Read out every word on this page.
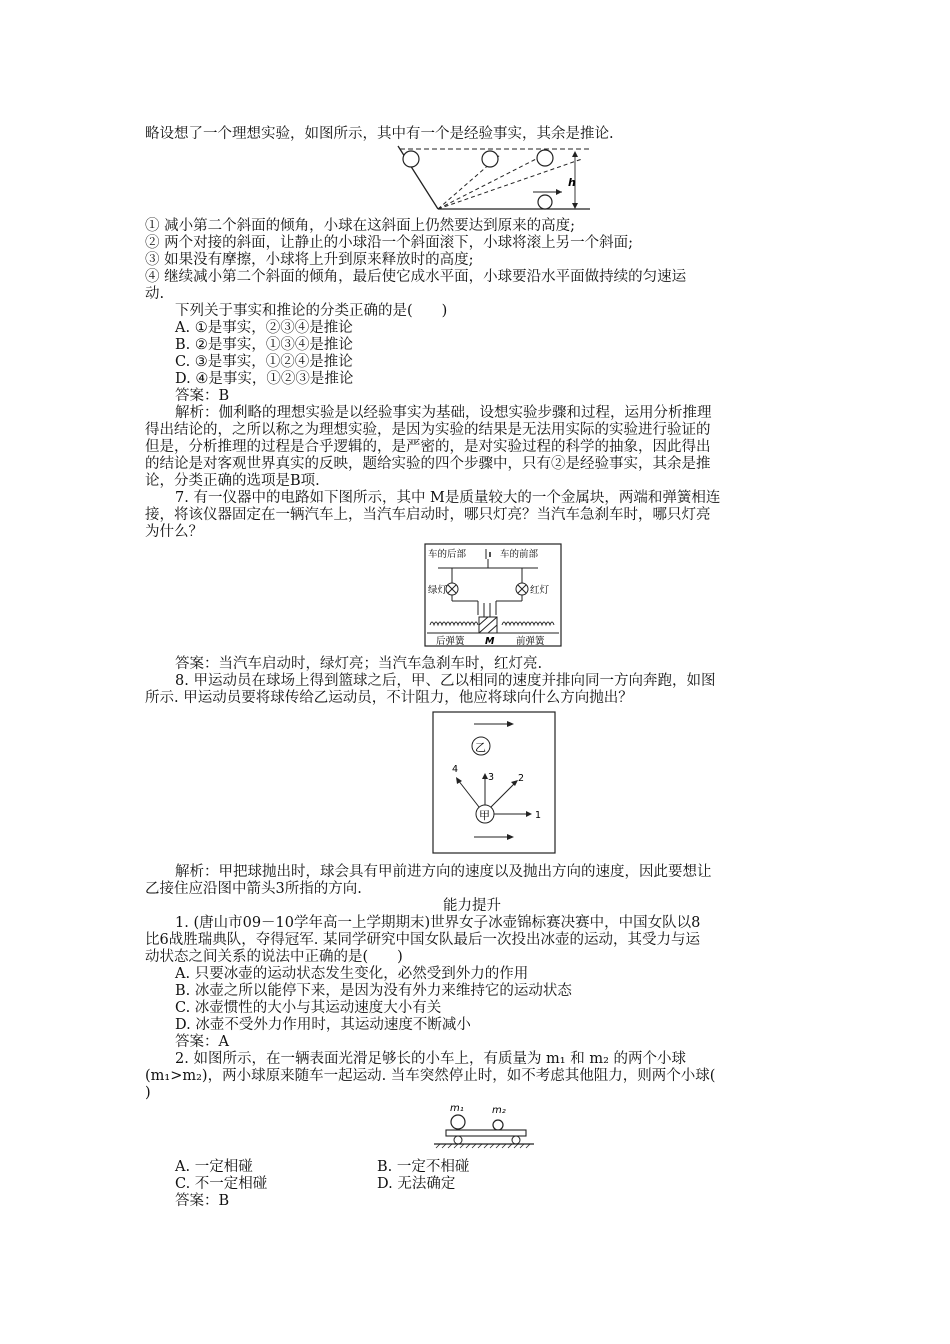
略设想了一个理想实验，如图所示，其中有一个是经验事实，其余是推论.
h
① 减小第二个斜面的倾角，小球在这斜面上仍然要达到原来的高度;
② 两个对接的斜面，让静止的小球沿一个斜面滚下，小球将滚上另一个斜面;
③ 如果没有摩擦，小球将上升到原来释放时的高度;
④ 继续减小第二个斜面的倾角，最后使它成水平面，小球要沿水平面做持续的匀速运
动.
下列关于事实和推论的分类正确的是(　　)
A. ①是事实，②③④是推论
B. ②是事实，①③④是推论
C. ③是事实，①②④是推论
D. ④是事实，①②③是推论
答案：B
解析：伽利略的理想实验是以经验事实为基础，设想实验步骤和过程，运用分析推理
得出结论的，之所以称之为理想实验，是因为实验的结果是无法用实际的实验进行验证的
但是，分析推理的过程是合乎逻辑的，是严密的，是对实验过程的科学的抽象，因此得出
的结论是对客观世界真实的反映，题给实验的四个步骤中，只有②是经验事实，其余是推
论，分类正确的选项是B项.
7. 有一仪器中的电路如下图所示，其中 M是质量较大的一个金属块，两端和弹簧相连
接，将该仪器固定在一辆汽车上，当汽车启动时，哪只灯亮？当汽车急刹车时，哪只灯亮
为什么？
车的后部	车的前部
绿灯	红灯
后弹簧 M 前弹簧
答案：当汽车启动时，绿灯亮；当汽车急刹车时，红灯亮.
8. 甲运动员在球场上得到篮球之后，甲、乙以相同的速度并排向同一方向奔跑，如图
所示. 甲运动员要将球传给乙运动员，不计阻力，他应将球向什么方向抛出？
乙
甲	1
2
3
4
解析：甲把球抛出时，球会具有甲前进方向的速度以及抛出方向的速度，因此要想让
乙接住应沿图中箭头3所指的方向.
能力提升
1. (唐山市09－10学年高一上学期期末)世界女子冰壶锦标赛决赛中，中国女队以8
比6战胜瑞典队，夺得冠军. 某同学研究中国女队最后一次投出冰壶的运动，其受力与运
动状态之间关系的说法中正确的是(　　)
A. 只要冰壶的运动状态发生变化，必然受到外力的作用
B. 冰壶之所以能停下来，是因为没有外力来维持它的运动状态
C. 冰壶惯性的大小与其运动速度大小有关
D. 冰壶不受外力作用时，其运动速度不断减小
答案：A
2. 如图所示，在一辆表面光滑足够长的小车上，有质量为 m₁ 和 m₂ 的两个小球
(m₁>m₂)，两小球原来随车一起运动. 当车突然停止时，如不考虑其他阻力，则两个小球(
)
m₁	m₂
A. 一定相碰	B. 一定不相碰
C. 不一定相碰	D. 无法确定
答案：B
